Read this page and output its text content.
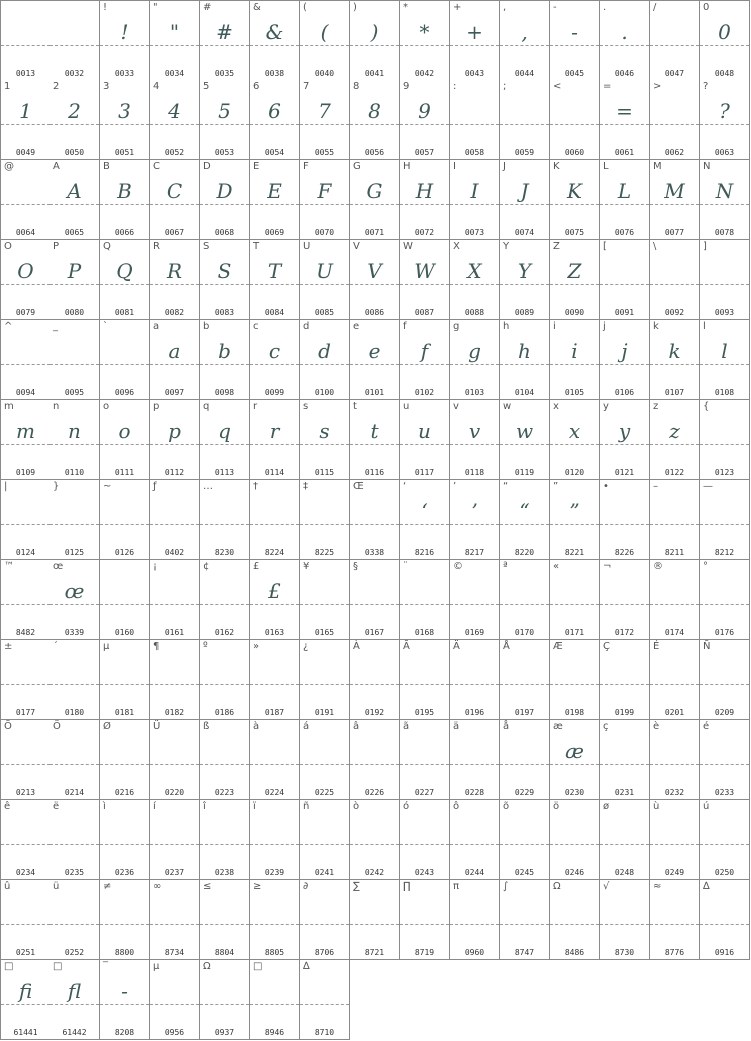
0013	0032
!
!
0033
"
"
0034
#
#
0035
&
&
0038
(
(
0040
)
)
0041
*
*
0042
+
+
0043
,
,
0044
-
-
0045
.
.
0046
/
0047
0
0
0048
1
1
0049
2
2
0050
3
3
0051
4
4
0052
5
5
0053
6
6
0054
7
7
0055
8
8
0056
9
9
0057
:
0058
;
0059
<
0060
=
=
0061
>
0062
?
?
0063
@
0064
A
A
0065
B
B
0066
C
C
0067
D
D
0068
E
E
0069
F
F
0070
G
G
0071
H
H
0072
I
I
0073
J
J
0074
K
K
0075
L
L
0076
M
M
0077
N
N
0078
O
O
0079
P
P
0080
Q
Q
0081
R
R
0082
S
S
0083
T
T
0084
U
U
0085
V
V
0086
W
W
0087
X
X
0088
Y
Y
0089
Z
Z
0090
[
0091
\
0092
]
0093
^
0094
_
0095
`
0096
a
a
0097
b
b
0098
c
c
0099
d
d
0100
e
e
0101
f
f
0102
g
g
0103
h
h
0104
i
i
0105
j
j
0106
k
k
0107
l
l
0108
m
m
0109
n
n
0110
o
o
0111
p
p
0112
q
q
0113
r
r
0114
s
s
0115
t
t
0116
u
u
0117
v
v
0118
w
w
0119
x
x
0120
y
y
0121
z
z
0122
{
0123
|
0124
}
0125
~
0126
ƒ
0402
…
8230
†
8224
‡
8225
Œ
0338
‘
‘
8216
’
’
8217
“
“
8220
”
”
8221
•
8226
–
8211
—
8212
™
8482
œ
œ
0339	0160
¡
0161
¢
0162
£
£
0163
¥
0165
§
0167
¨
0168
©
0169
ª
0170
«
0171
¬
0172
®
0174
°
0176
±
0177
´
0180
µ
0181
¶
0182
º
0186
»
0187
¿
0191
À
0192
Ã
0195
Ä
0196
Å
0197
Æ
0198
Ç
0199
É
0201
Ñ
0209
Õ
0213
Ö
0214
Ø
0216
Ü
0220
ß
0223
à
0224
á
0225
â
0226
ã
0227
ä
0228
å
0229
æ
æ
0230
ç
0231
è
0232
é
0233
ê
0234
ë
0235
ì
0236
í
0237
î
0238
ï
0239
ñ
0241
ò
0242
ó
0243
ô
0244
õ
0245
ö
0246
ø
0248
ù
0249
ú
0250
û
0251
ü
0252
≠
8800
∞
8734
≤
8804
≥
8805
∂
8706
∑
8721
∏
8719
π
0960
∫
8747
Ω
8486
√
8730
≈
8776
∆
0916
□
ﬁ
61441
□
ﬂ
61442
‾
-
8208
µ
0956
Ω
0937
□
8946
∆
8710
